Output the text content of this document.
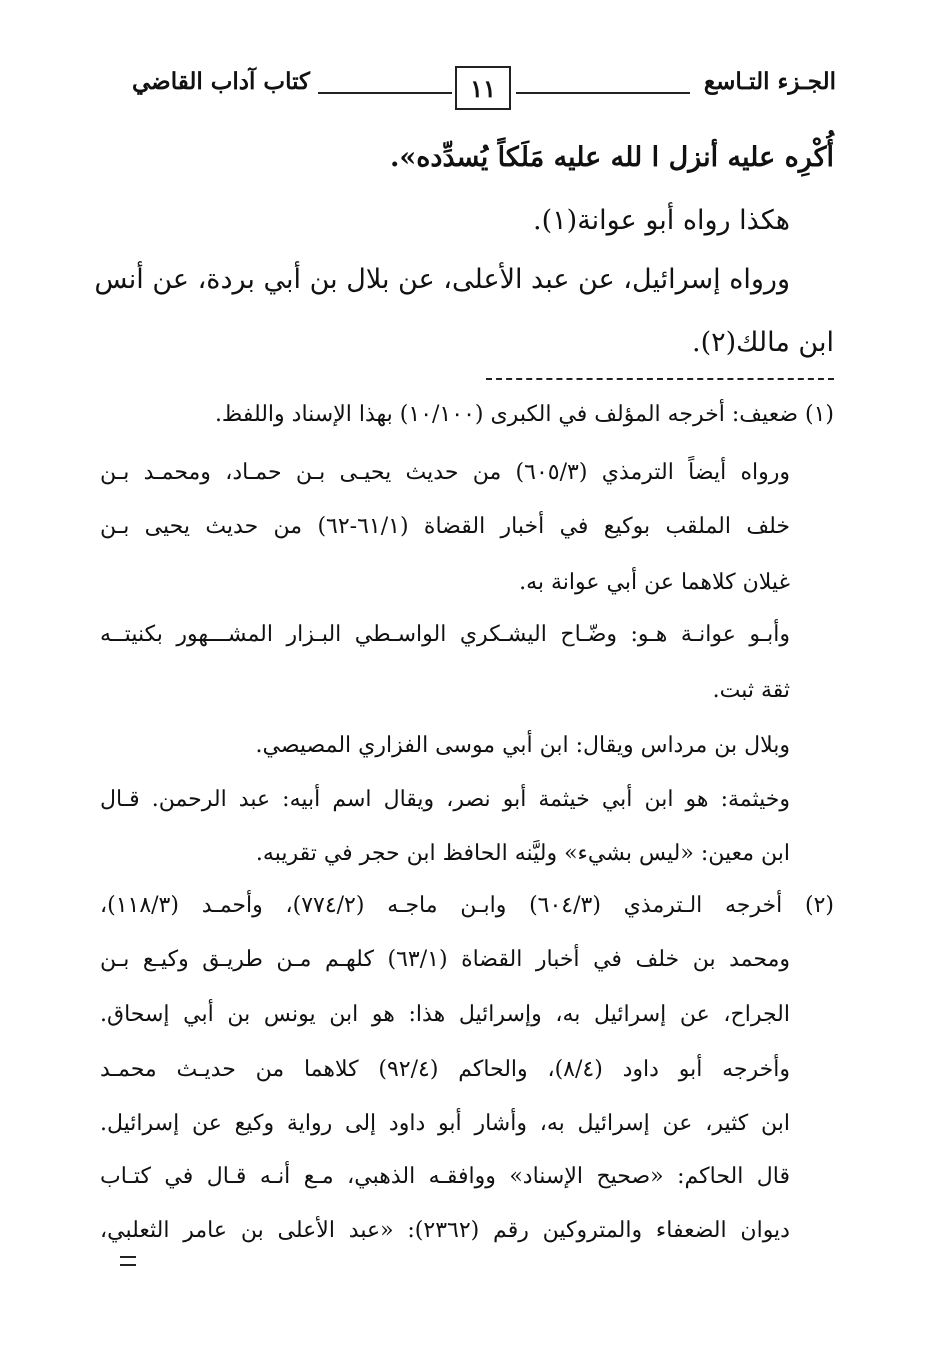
الجـزء التـاسع
١١
كتاب آداب القاضي
أُكْرِه عليه أنزل ا لله عليه مَلَكاً يُسدِّده».
هكذا رواه أبو عوانة(١).
ورواه إسرائيل، عن عبد الأعلى، عن بلال بن أبي بردة، عن أنس
ابن مالك(٢).
(١) ضعيف: أخرجه المؤلف في الكبرى (١٠/١٠٠) بهذا الإسناد واللفظ.
ورواه أيضاً الترمذي (٦٠٥/٣) من حديث يحيـى بـن حمـاد، ومحمـد بـن
خلف الملقب بوكيع في أخبار القضاة (٦١/١-٦٢) من حديث يحيى بـن
غيلان كلاهما عن أبي عوانة به.
وأبـو عوانـة هـو: وضّـاح اليشـكري الواسـطي البـزار المشـــهور بكنيتــه
ثقة ثبت.
وبلال بن مرداس ويقال: ابن أبي موسى الفزاري المصيصي.
وخيثمة: هو ابن أبي خيثمة أبو نصر، ويقال اسم أبيه: عبد الرحمن. قـال
ابن معين: «ليس بشيء» وليَّنه الحافظ ابن حجر في تقريبه.
(٢) أخرجه الـترمذي (٦٠٤/٣) وابـن ماجـه (٧٧٤/٢)، وأحمـد (١١٨/٣)،
ومحمد بن خلف في أخبار القضاة (٦٣/١) كلهـم مـن طريـق وكيـع بـن
الجراح، عن إسرائيل به، وإسرائيل هذا: هو ابن يونس بن أبي إسحاق.
وأخرجه أبو داود (٨/٤)، والحاكم (٩٢/٤) كلاهما من حديـث محمـد
ابن كثير، عن إسرائيل به، وأشار أبو داود إلى رواية وكيع عن إسرائيل.
قال الحاكم: «صحيح الإسناد» ووافقـه الذهبي، مـع أنـه قـال في كتـاب
ديوان الضعفاء والمتروكين رقم (٢٣٦٢): «عبد الأعلى بن عامر الثعلبي،
